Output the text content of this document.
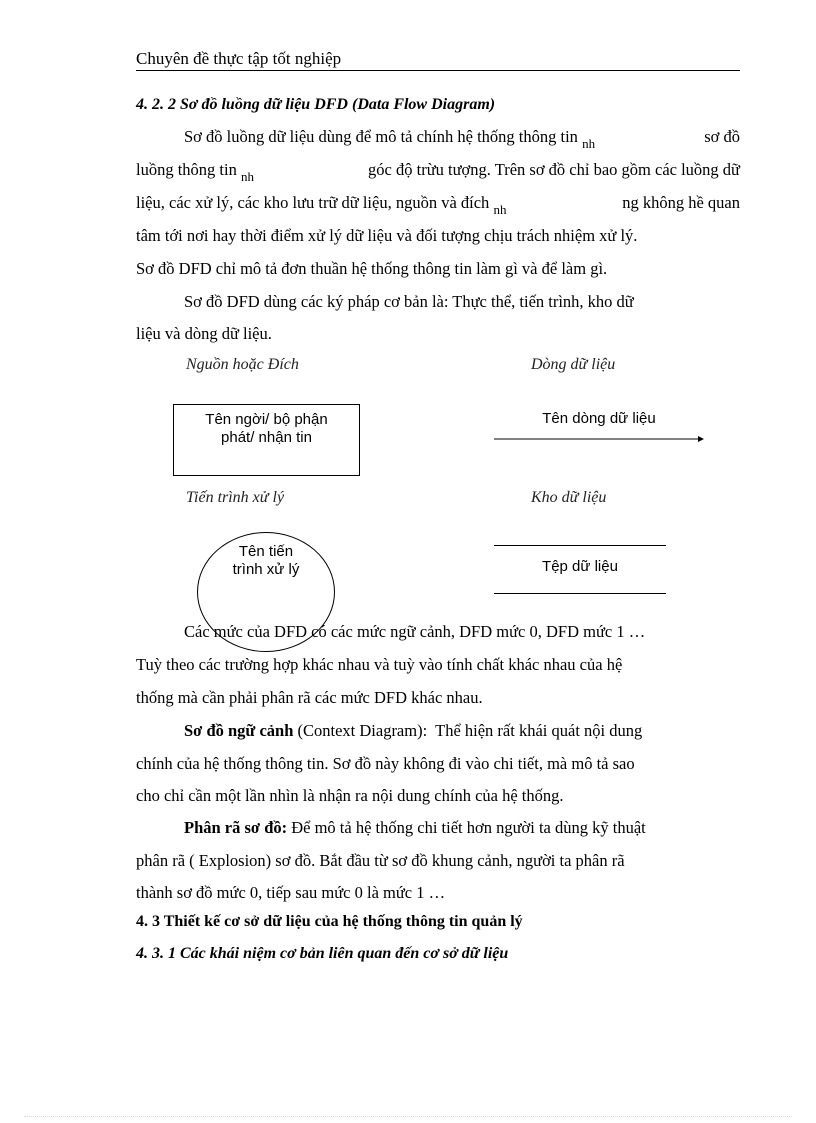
Chuyên đề thực tập tốt nghiệp
4. 2. 2 Sơ đồ luồng dữ liệu DFD (Data Flow Diagram)
Sơ đồ luồng dữ liệu dùng để mô tả chính hệ thống thông tin $_{nh}$	sơ đồ
luồng thông tin $_{nh}$	góc độ trừu tượng. Trên sơ đồ chỉ bao gồm các luồng dữ
liệu, các xử lý, các kho lưu trữ dữ liệu, nguồn và đích $_{nh}$	ng không hề quan
tâm tới nơi hay thời điểm xử lý dữ liệu và đối tượng chịu trách nhiệm xử lý.
Sơ đồ DFD chỉ mô tả đơn thuần hệ thống thông tin làm gì và để làm gì.
Sơ đồ DFD dùng các ký pháp cơ bản là: Thực thể, tiến trình, kho dữ
liệu và dòng dữ liệu.
Nguồn hoặc Đích
Tên ngời/ bộ phận
phát/ nhận tin
Dòng dữ liệu
Tên dòng dữ liệu
Tiến trình xử lý
Tên tiến
trình xử lý
Kho dữ liệu
Tệp dữ liệu
Các mức của DFD có các mức ngữ cảnh, DFD mức 0, DFD mức 1 …
Tuỳ theo các trường hợp khác nhau và tuỳ vào tính chất khác nhau của hệ
thống mà cần phải phân rã các mức DFD khác nhau.
Sơ đồ ngữ cảnh (Context Diagram):  Thể hiện rất khái quát nội dung
chính của hệ thống thông tin. Sơ đồ này không đi vào chi tiết, mà mô tả sao
cho chỉ cần một lần nhìn là nhận ra nội dung chính của hệ thống.
Phân rã sơ đồ: Để mô tả hệ thống chi tiết hơn người ta dùng kỹ thuật
phân rã ( Explosion) sơ đồ. Bắt đầu từ sơ đồ khung cảnh, người ta phân rã
thành sơ đồ mức 0, tiếp sau mức 0 là mức 1 …
4. 3 Thiết kế cơ sở dữ liệu của hệ thống thông tin quản lý
4. 3. 1 Các khái niệm cơ bản liên quan đến cơ sở dữ liệu
